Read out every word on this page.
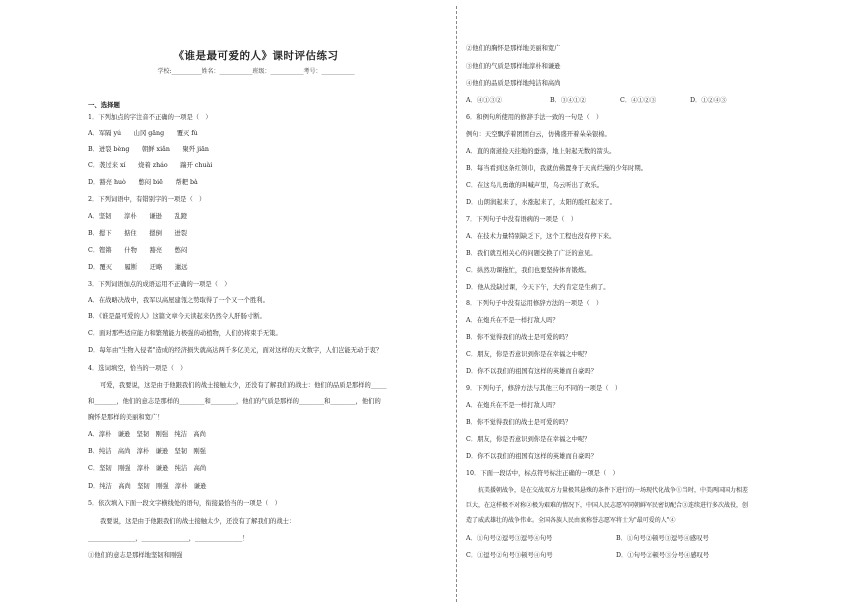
《谁是最可爱的人》课时评估练习
学校:__________姓名：___________班级：___________考号：___________
一、选择题
1．下列加点的字注音不正确的一项是（　）
A．军隔 yú　　山冈 gāng　　覆灭 fù
B．迸裂 bèng　　朝鲜 xiǎn　　聚歼 jiān
C．袭过来 xí　　烧着 zháo　　踹开 chuài
D．豁亮 huò　　憋闷 biē　　帮耙 bà
2．下列词语中，有错别字的一项是（　）
A．坚韧　　淳朴　　谦逊　　乱蹬
B．摁下　　掂住　　摁倒　　迸裂
C．铿锵　　什物　　豁亮　　憋闷
D．覆灭　　履断　　迂略　　邋远
3．下列词语加点的成语运用不正确的一项是（　）
A．在战略决战中，我军以高屋建瓴之势取得了一个又一个胜利。
B．《谁是最可爱的人》这篇文章今天读起来仍然令人肝肠寸断。
C．面对那些适应能力和繁殖能力极强的动植物，人们仍将束手无策。
D．每年由"生物入侵者"造成的经济损失就高达两千多亿美元，面对这样的天文数字，人们岂能无动于衷？
4．选词填空，恰当的一项是（　）
可爱，我要说，这是由于他跟我们的战士接触太少，还没有了解我们的战士：他们的品质是那样的_____
和_______，他们的意志是那样的________和________，他们的气质是那样的________和________，他们的
胸怀是那样的美丽和宽广！
A．淳朴　谦逊　坚韧　刚强　纯洁　高尚
B．纯洁　高尚　淳朴　谦逊　坚韧　刚强
C．坚韧　刚强　淳朴　谦逊　纯洁　高尚
D．纯洁　高尚　坚韧　刚强　淳朴　谦逊
5．依次填入下面一段文字横线处的语句，衔接最恰当的一项是（　）
我要说，这是由于他跟我们的战士接触太少，还没有了解我们的战士：
_______________，_______________，_______________！
①他们的意志是那样地坚韧和刚强
②他们的胸怀是那样地美丽和宽广
③他们的气质是那样地淳朴和谦逊
④他们的品质是那样地纯洁和高尚
A．④①③②	B．③④①②	C．④①②③	D．①②④③
6．和例句所使用的修辞手法一致的一句是（　）
例句：天空飘浮着团团白云，仿佛盛开着朵朵银棉。
A．直的南道捡天挂地的蚕落，地上射起无数的箭头。
B．每当看到这条红领巾，我就仿佛置身于天真烂漫的少年时期。
C．在这鸟儿勇敢的叫喊声里，乌云听出了欢乐。
D．山朗润起来了，水涨起来了，太阳的脸红起来了。
7．下列句子中没有语病的一项是（　）
A．在技术力量特别缺乏下，这个工程也没有停下来。
B．我们就互相关心的问题交换了广泛的意见。
C．纵然功课拖忙，我们也要坚持体育锻炼。
D．他从没缺过课，今天下午，大约肯定是生病了。
8．下列句子中没有运用修辞方法的一项是（　）
A．在炮兵在不是一样打敌人吗？
B．你不觉得我们的战士是可爱的吗？
C．朋友，你是否意识到你是在幸福之中呢？
D．你不以我们的祖国有这样的英雄而自豪吗？
9．下列句子，修辞方法与其他三句不同的一项是（　）
A．在炮兵在不是一样打敌人吗？
B．你不觉得我们的战士是可爱的吗？
C．朋友，你是否意识到你是在幸福之中呢？
D．你不以我们的祖国有这样的英雄而自豪吗？
10．下面一段话中，标点符号标注正确的一项是（　）
抗美援朝战争，是在交战双方力量极其悬殊的条件下进行的一场现代化战争①当时，中美两国国力相差
巨大，在这样极不对称②极为艰难的情况下，中国人民志愿军同朝鲜军民密切配合③连续进行多次战役，创
造了威武雄壮的战争伟业。全国各族人民由衷称誉志愿军将士为"最可爱的人"④
A．①句号②逗号③逗号④句号	B．①句号②顿号③逗号④感叹号
C．①逗号②句号③顿号④句号	D．①句号②顿号③分号④感叹号
